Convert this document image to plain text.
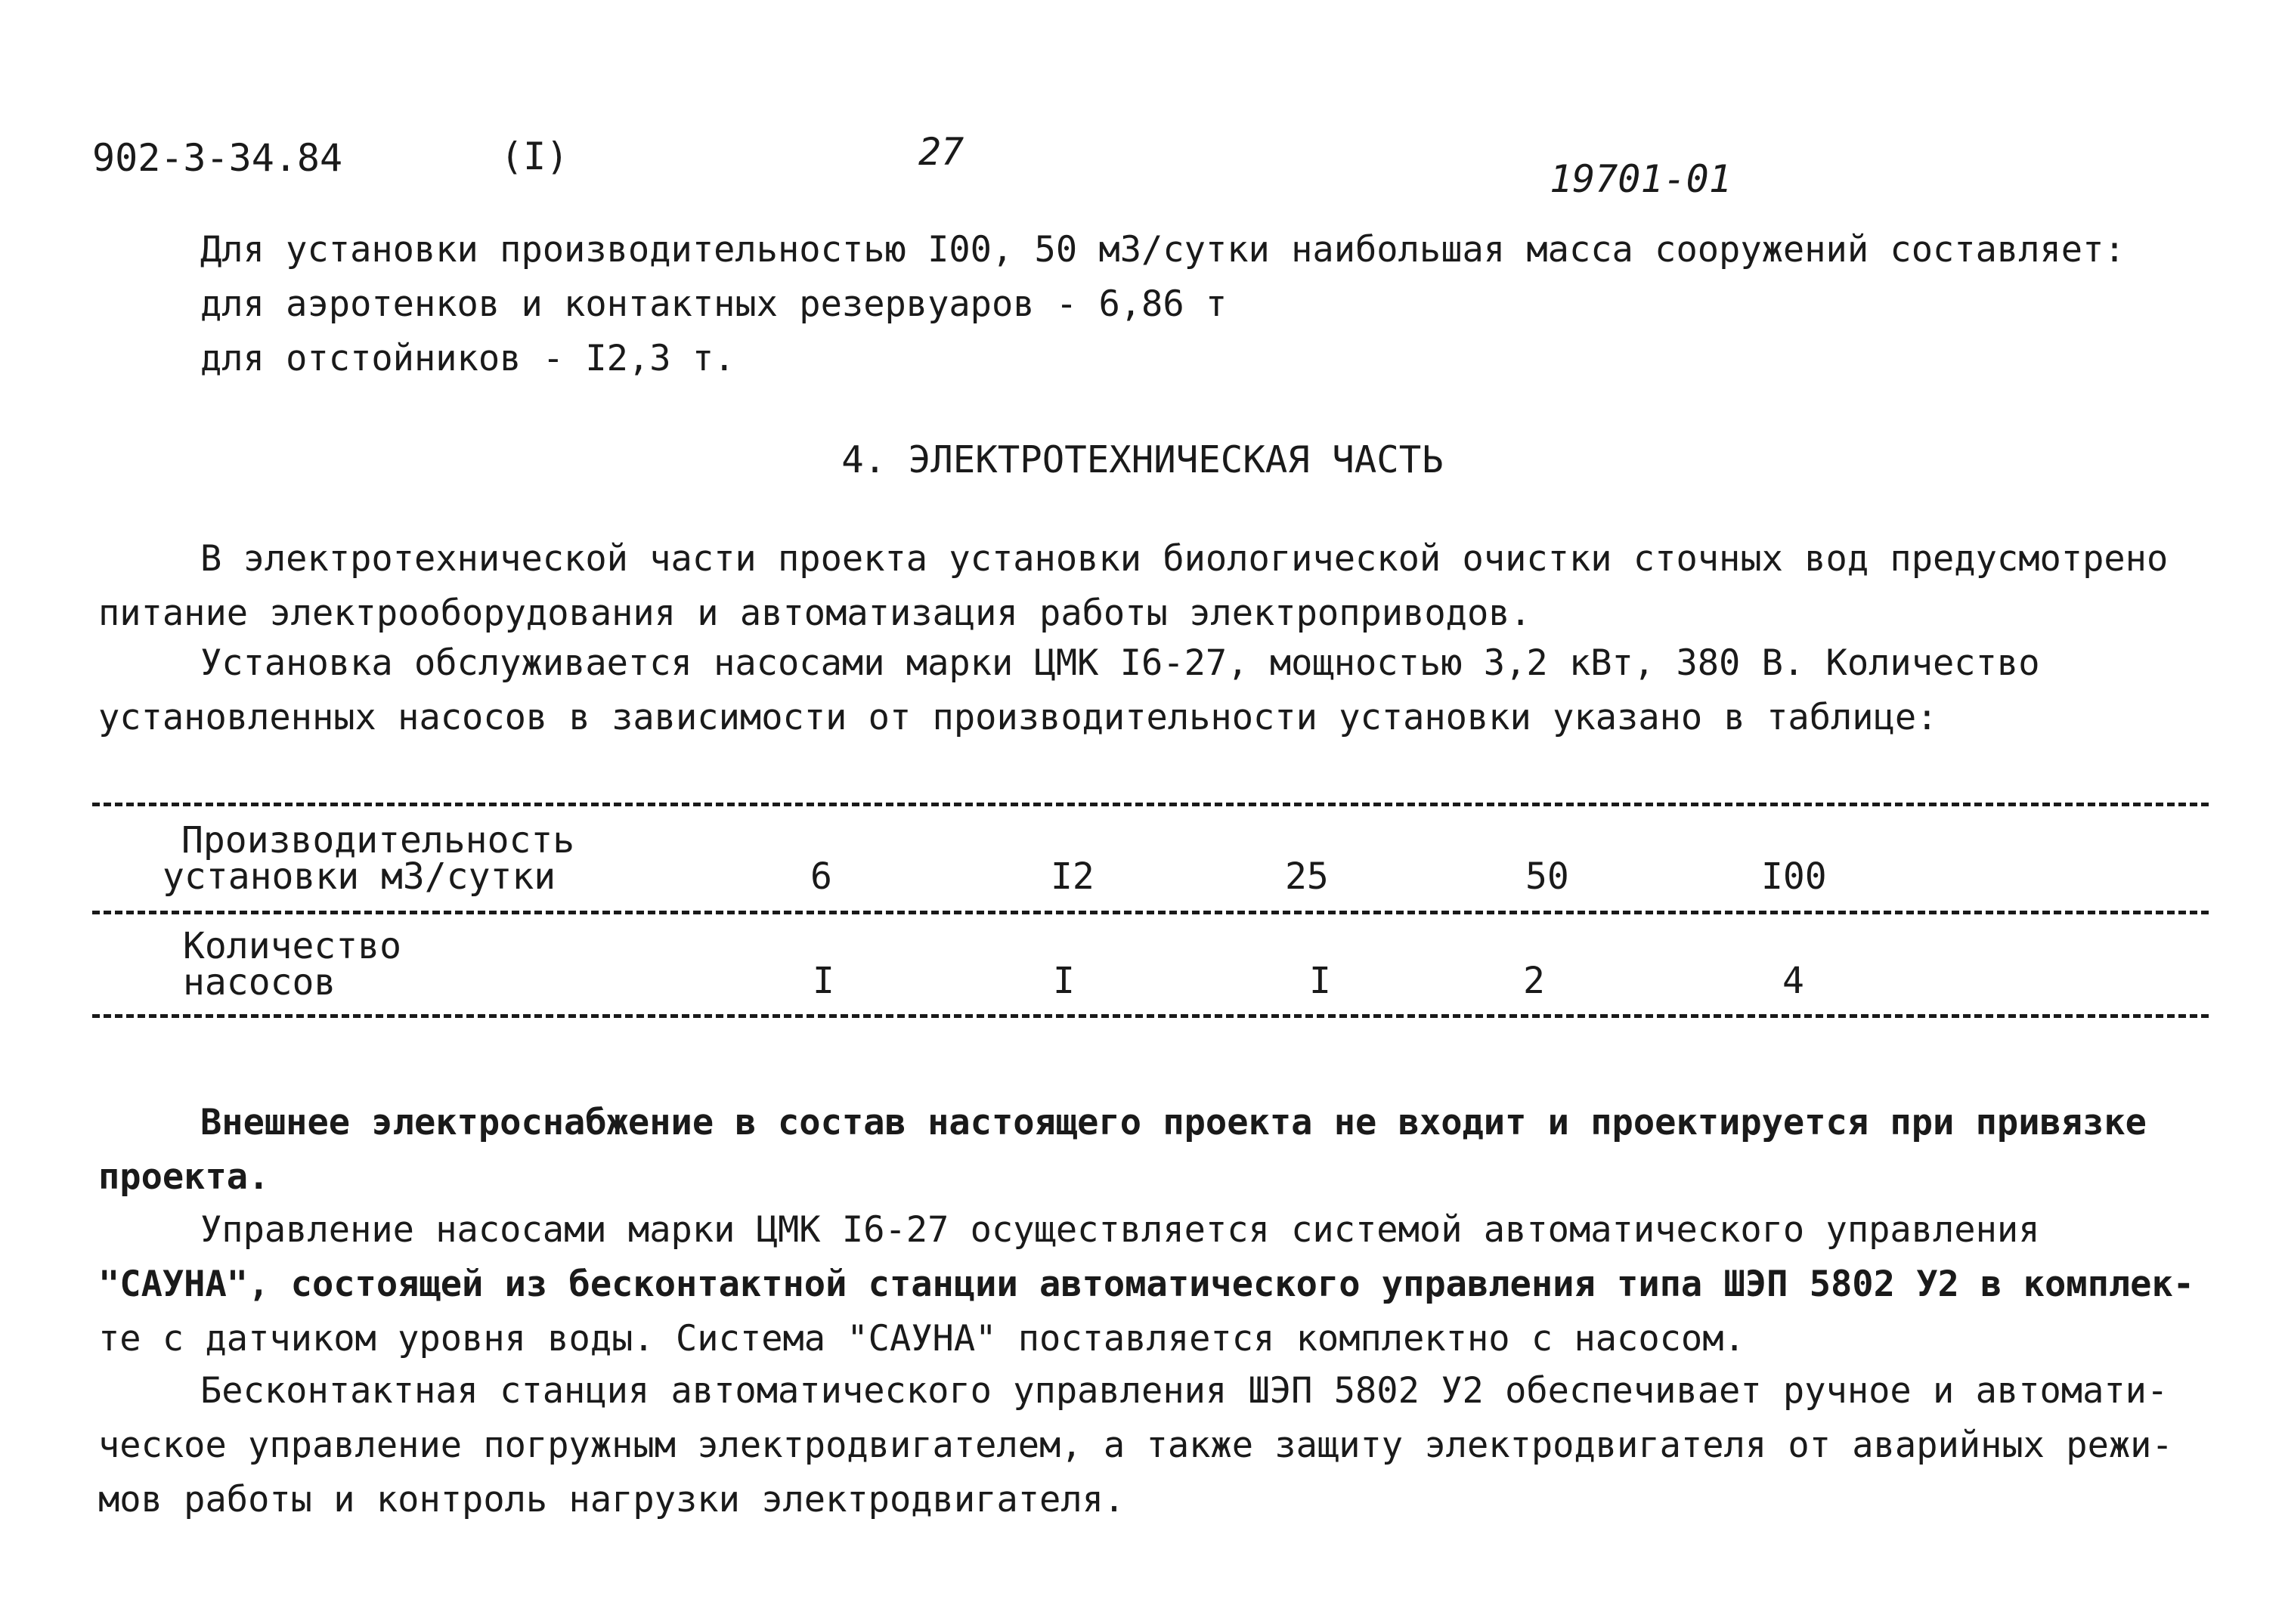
902-3-34.84	(I)	27
19701-01

Для установки производительностью I00, 50 м3/сутки наибольшая масса сооружений составляет:

для аэротенков и контактных резервуаров - 6,86 т

для отстойников - I2,3 т.

4. ЭЛЕКТРОТЕХНИЧЕСКАЯ ЧАСТЬ

В электротехнической части проекта установки биологической очистки сточных вод предусмотрено

питание электрооборудования и автоматизация работы электроприводов.

Установка обслуживается насосами марки ЦМК I6-27, мощностью 3,2 кВт, 380 В. Количество

установленных насосов в зависимости от производительности установки указано в таблице:

Производительность
установки м3/сутки	6	I2	25	50	I00
Количество
насосов	I	I	I	2	4

Внешнее электроснабжение в состав настоящего проекта не входит и проектируется при привязке

проекта.

Управление насосами марки ЦМК I6-27 осуществляется системой автоматического управления

"САУНА", состоящей из бесконтактной станции автоматического управления типа ШЭП 5802 У2 в комплек-

те с датчиком уровня воды. Система "САУНА" поставляется комплектно с насосом.

Бесконтактная станция автоматического управления ШЭП 5802 У2 обеспечивает ручное и автомати-

ческое управление погружным электродвигателем, а также защиту электродвигателя от аварийных режи-

мов работы и контроль нагрузки электродвигателя.
